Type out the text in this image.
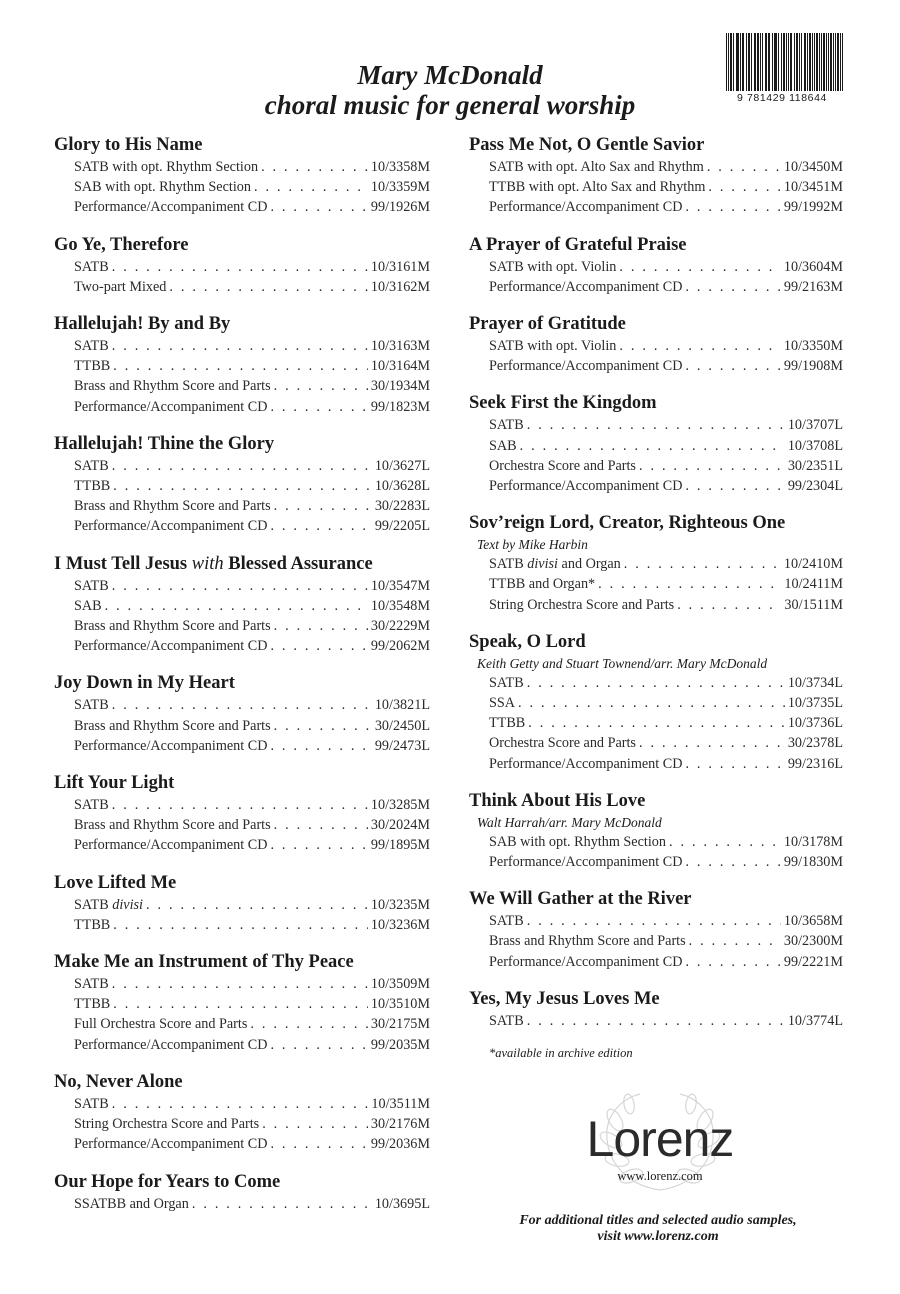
9 781429 118644
Mary McDonald
choral music for general worship
Glory to His Name
SATB with opt. Rhythm Section . . .	10/3358M
SAB with opt. Rhythm Section . . .	10/3359M
Performance/Accompaniment CD . . .	99/1926M
Go Ye, Therefore
SATB . . .	10/3161M
Two-part Mixed . . .	10/3162M
Hallelujah! By and By
SATB . . .	10/3163M
TTBB . . .	10/3164M
Brass and Rhythm Score and Parts . . .	30/1934M
Performance/Accompaniment CD . . .	99/1823M
Hallelujah! Thine the Glory
SATB . . .	10/3627L
TTBB . . .	10/3628L
Brass and Rhythm Score and Parts . . .	30/2283L
Performance/Accompaniment CD . . .	99/2205L
I Must Tell Jesus with Blessed Assurance
SATB . . .	10/3547M
SAB . . .	10/3548M
Brass and Rhythm Score and Parts . . .	30/2229M
Performance/Accompaniment CD . . .	99/2062M
Joy Down in My Heart
SATB . . .	10/3821L
Brass and Rhythm Score and Parts . . .	30/2450L
Performance/Accompaniment CD . . .	99/2473L
Lift Your Light
SATB . . .	10/3285M
Brass and Rhythm Score and Parts . . .	30/2024M
Performance/Accompaniment CD . . .	99/1895M
Love Lifted Me
SATB divisi . . .	10/3235M
TTBB . . .	10/3236M
Make Me an Instrument of Thy Peace
SATB . . .	10/3509M
TTBB . . .	10/3510M
Full Orchestra Score and Parts . . .	30/2175M
Performance/Accompaniment CD . . .	99/2035M
No, Never Alone
SATB . . .	10/3511M
String Orchestra Score and Parts . . .	30/2176M
Performance/Accompaniment CD . . .	99/2036M
Our Hope for Years to Come
SSATBB and Organ . . .	10/3695L
Pass Me Not, O Gentle Savior
SATB with opt. Alto Sax and Rhythm . . .	10/3450M
TTBB with opt. Alto Sax and Rhythm . . .	10/3451M
Performance/Accompaniment CD . . .	99/1992M
A Prayer of Grateful Praise
SATB with opt. Violin . . .	10/3604M
Performance/Accompaniment CD . . .	99/2163M
Prayer of Gratitude
SATB with opt. Violin . . .	10/3350M
Performance/Accompaniment CD . . .	99/1908M
Seek First the Kingdom
SATB . . .	10/3707L
SAB . . .	10/3708L
Orchestra Score and Parts . . .	30/2351L
Performance/Accompaniment CD . . .	99/2304L
Sov’reign Lord, Creator, Righteous One
Text by Mike Harbin
SATB divisi and Organ . . .	10/2410M
TTBB and Organ* . . .	10/2411M
String Orchestra Score and Parts . . .	30/1511M
Speak, O Lord
Keith Getty and Stuart Townend/arr. Mary McDonald
SATB . . .	10/3734L
SSA . . .	10/3735L
TTBB . . .	10/3736L
Orchestra Score and Parts . . .	30/2378L
Performance/Accompaniment CD . . .	99/2316L
Think About His Love
Walt Harrah/arr. Mary McDonald
SAB with opt. Rhythm Section . . .	10/3178M
Performance/Accompaniment CD . . .	99/1830M
We Will Gather at the River
SATB . . .	10/3658M
Brass and Rhythm Score and Parts . . .	30/2300M
Performance/Accompaniment CD . . .	99/2221M
Yes, My Jesus Loves Me
SATB . . .	10/3774L
*available in archive edition
Lorenz
www.lorenz.com
For additional titles and selected audio samples,
visit www.lorenz.com
